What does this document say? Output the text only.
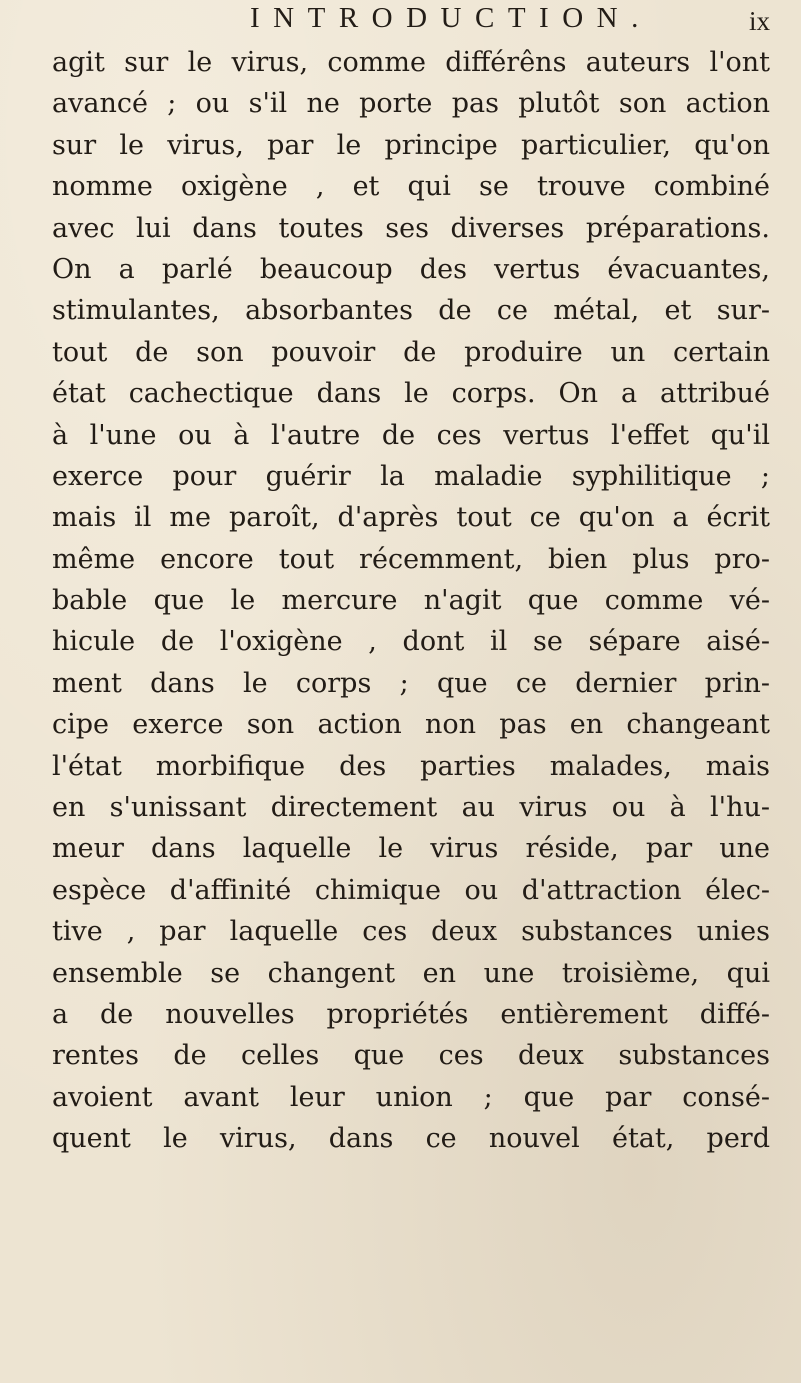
INTRODUCTION.	ix
agit sur le virus, comme différêns auteurs l'ont
avancé ; ou s'il ne porte pas plutôt son action
sur le virus, par le principe particulier, qu'on
nomme oxigène , et qui se trouve combiné
avec lui dans toutes ses diverses préparations.
On a parlé beaucoup des vertus évacuantes,
stimulantes, absorbantes de ce métal, et sur-
tout de son pouvoir de produire un certain
état cachectique dans le corps. On a attribué
à l'une ou à l'autre de ces vertus l'effet qu'il
exerce pour guérir la maladie syphilitique ;
mais il me paroît, d'après tout ce qu'on a écrit
même encore tout récemment, bien plus pro-
bable que le mercure n'agit que comme vé-
hicule de l'oxigène , dont il se sépare aisé-
ment dans le corps ; que ce dernier prin-
cipe exerce son action non pas en changeant
l'état morbifique des parties malades, mais
en s'unissant directement au virus ou à l'hu-
meur dans laquelle le virus réside, par une
espèce d'affinité chimique ou d'attraction élec-
tive , par laquelle ces deux substances unies
ensemble se changent en une troisième, qui
a de nouvelles propriétés entièrement diffé-
rentes de celles que ces deux substances
avoient avant leur union ; que par consé-
quent le virus, dans ce nouvel état, perd
